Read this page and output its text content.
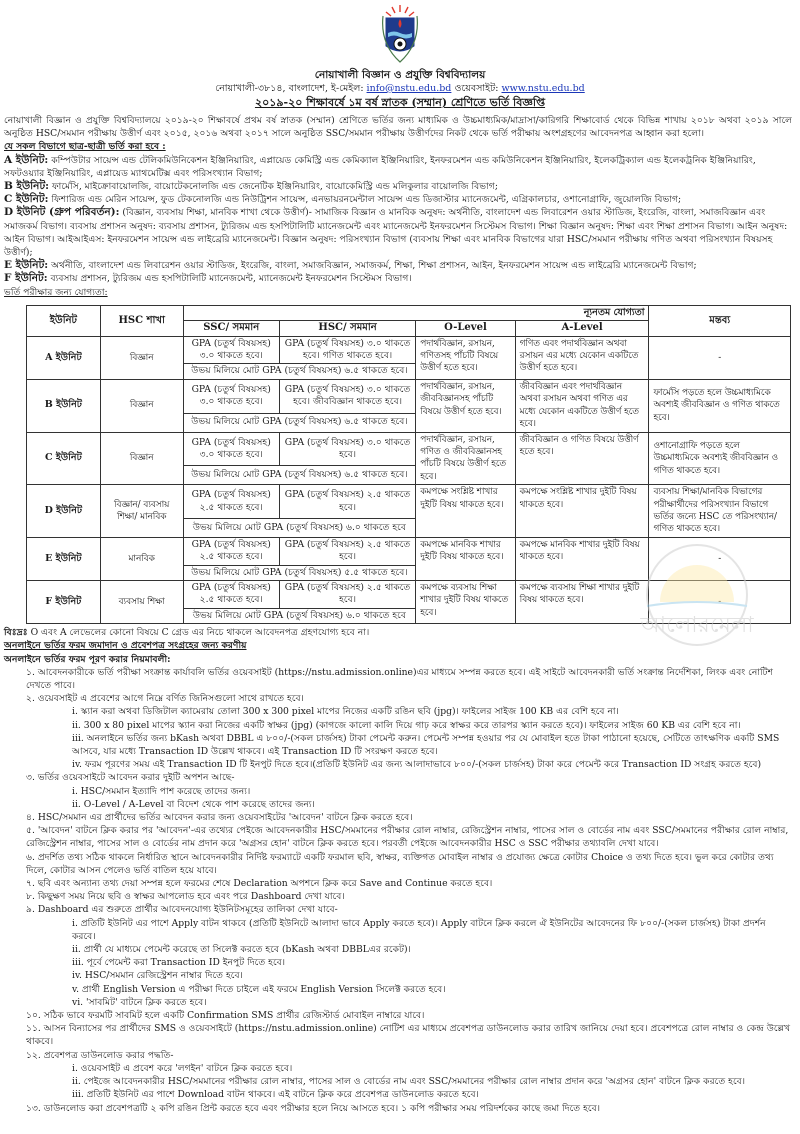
নোয়াখালী বিজ্ঞান ও প্রযুক্তি বিশ্ববিদ্যালয়
নোয়াখালী-৩৮১৪, বাংলাদেশ, ই-মেইল: info@nstu.edu.bd ওয়েবসাইট: www.nstu.edu.bd
২০১৯-২০ শিক্ষাবর্ষে ১ম বর্ষ স্নাতক (সম্মান) শ্রেণিতে ভর্তি বিজ্ঞপ্তি

নোয়াখালী বিজ্ঞান ও প্রযুক্তি বিশ্ববিদ্যালয়ে ২০১৯-২০ শিক্ষাবর্ষে প্রথম বর্ষ স্নাতক (সম্মান) শ্রেণিতে ভর্তির জন্য মাধ্যমিক ও উচ্চমাধ্যমিক/মাদ্রাসা/কারিগরি শিক্ষাবোর্ড থেকে বিভিন্ন শাখায় ২০১৮ অথবা ২০১৯ সালে অনুষ্ঠিত HSC/সমমান পরীক্ষায় উত্তীর্ণ এবং ২০১৫, ২০১৬ অথবা ২০১৭ সালে অনুষ্ঠিত SSC/সমমান পরীক্ষায় উত্তীর্ণদের নিকট থেকে ভর্তি পরীক্ষায় অংশগ্রহণের আবেদনপত্র আহ্বান করা হলো।

যে সকল বিভাগে ছাত্র-ছাত্রী ভর্তি করা হবে :

A ইউনিট: কম্পিউটার সায়েন্স এন্ড টেলিকমিউনিকেশন ইঞ্জিনিয়ারিং, এপ্লায়েড কেমিস্ট্রি এন্ড কেমিক্যাল ইঞ্জিনিয়ারিং, ইনফরমেশন এন্ড কমিউনিকেশন ইঞ্জিনিয়ারিং, ইলেকট্রিক্যাল এন্ড ইলেকট্রনিক ইঞ্জিনিয়ারিং, সফটওয়্যার ইঞ্জিনিয়ারিং, এপ্লায়েড ম্যাথমেটিক্স এবং পরিসংখ্যান বিভাগ;

B ইউনিট: ফার্মেসি, মাইক্রোবায়োলজি, বায়োটেকনোলজি এন্ড জেনেটিক ইঞ্জিনিয়ারিং, বায়োকেমিস্ট্রি এন্ড মলিকুলার বায়োলজি বিভাগ;

C ইউনিট: ফিশারিজ এন্ড মেরিন সায়েন্স, ফুড টেকনোলজি এন্ড নিউট্রিশন সায়েন্স, এনভায়রনমেন্টাল সায়েন্স এন্ড ডিজাস্টার ম্যানেজমেন্ট, এগ্রিকালচার, ওশানোগ্রাফি, জুয়োলজি বিভাগ;

D ইউনিট (গ্রুপ পরিবর্তন): (বিজ্ঞান, ব্যবসায় শিক্ষা, মানবিক শাখা থেকে উত্তীর্ণ)- সামাজিক বিজ্ঞান ও মানবিক অনুষদ: অর্থনীতি, বাংলাদেশ এন্ড লিবারেশন ওয়ার স্টাডিজ, ইংরেজি, বাংলা, সমাজবিজ্ঞান এবং সমাজকর্ম বিভাগ। ব্যবসায় প্রশাসন অনুষদ: ব্যবসায় প্রশাসন, ট্যুরিজম এন্ড হসপিটালিটি ম্যানেজমেন্ট এবং ম্যানেজমেন্ট ইনফরমেশন সিস্টেমস বিভাগ। শিক্ষা বিজ্ঞান অনুষদ: শিক্ষা এবং শিক্ষা প্রশাসন বিভাগ। আইন অনুষদ: আইন বিভাগ। আইআইএস: ইনফরমেশন সায়েন্স এন্ড লাইব্রেরি ম্যানেজমেন্ট। বিজ্ঞান অনুষদ: পরিসংখ্যান বিভাগ (ব্যবসায় শিক্ষা এবং মানবিক বিভাগের যারা HSC/সমমান পরীক্ষায় গণিত অথবা পরিসংখ্যান বিষয়সহ উত্তীর্ণ);

E ইউনিট: অর্থনীতি, বাংলাদেশ এন্ড লিবারেশন ওয়ার স্টাডিজ, ইংরেজি, বাংলা, সমাজবিজ্ঞান, সমাজকর্ম, শিক্ষা, শিক্ষা প্রশাসন, আইন, ইনফরমেশন সায়েন্স এন্ড লাইব্রেরি ম্যানেজমেন্ট বিভাগ;

F ইউনিট: ব্যবসায় প্রশাসন, ট্যুরিজম এন্ড হসপিটালিটি ম্যানেজমেন্ট, ম্যানেজমেন্ট ইনফরমেশন সিস্টেমস বিভাগ।

ভর্তি পরীক্ষার জন্য যোগ্যতা:

ইউনিট	HSC শাখা	ন্যূনতম যোগ্যতা				মন্তব্য
		SSC/ সমমান	HSC/ সমমান	O-Level	A-Level	
A ইউনিট	বিজ্ঞান	GPA (চতুর্থ বিষয়সহ) ৩.০ থাকতে হবে।	GPA (চতুর্থ বিষয়সহ) ৩.০ থাকতে হবে। গণিত থাকতে হবে।	পদার্থবিজ্ঞান, রসায়ন, গণিতসহ পাঁচটি বিষয়ে উত্তীর্ণ হতে হবে।	গণিত এবং পদার্থবিজ্ঞান অথবা রসায়ন এর মধ্যে যেকোন একটিতে উত্তীর্ণ হতে হবে।	-
		উভয় মিলিয়ে মোট GPA (চতুর্থ বিষয়সহ) ৬.৫ থাকতে হবে।				
B ইউনিট	বিজ্ঞান	GPA (চতুর্থ বিষয়সহ) ৩.০ থাকতে হবে।	GPA (চতুর্থ বিষয়সহ) ৩.০ থাকতে হবে। জীববিজ্ঞান থাকতে হবে।	পদার্থবিজ্ঞান, রসায়ন, জীববিজ্ঞানসহ পাঁচটি বিষয়ে উত্তীর্ণ হতে হবে।	জীববিজ্ঞান এবং পদার্থবিজ্ঞান অথবা রসায়ন অথবা গণিত এর মধ্যে যেকোন একটিতে উত্তীর্ণ হতে হবে।	ফার্মেসি পড়তে হলে উচ্চমাধ্যমিকে অবশ্যই জীববিজ্ঞান ও গণিত থাকতে হবে।
		উভয় মিলিয়ে মোট GPA (চতুর্থ বিষয়সহ) ৬.৫ থাকতে হবে।				
C ইউনিট	বিজ্ঞান	GPA (চতুর্থ বিষয়সহ) ৩.০ থাকতে হবে।	GPA (চতুর্থ বিষয়সহ) ৩.০ থাকতে হবে।	পদার্থবিজ্ঞান, রসায়ন, গণিত ও জীববিজ্ঞানসহ পাঁচটি বিষয়ে উত্তীর্ণ হতে হবে।	জীববিজ্ঞান ও গণিত বিষয়ে উত্তীর্ণ হতে হবে।	ওশানোগ্রাফি পড়তে হলে উচ্চমাধ্যমিকে অবশ্যই জীববিজ্ঞান ও গণিত থাকতে হবে।
		উভয় মিলিয়ে মোট GPA (চতুর্থ বিষয়সহ) ৬.৫ থাকতে হবে।				
D ইউনিট	বিজ্ঞান/ ব্যবসায় শিক্ষা/ মানবিক	GPA (চতুর্থ বিষয়সহ) ২.৫ থাকতে হবে।	GPA (চতুর্থ বিষয়সহ) ২.৫ থাকতে হবে।	কমপক্ষে সংশ্লিষ্ট শাখার দুইটি বিষয় থাকতে হবে।	কমপক্ষে সংশ্লিষ্ট শাখার দুইটি বিষয় থাকতে হবে।	ব্যবসায় শিক্ষা/মানবিক বিভাগের পরীক্ষার্থীদের পরিসংখ্যান বিভাগে ভর্তির জন্যে HSC তে পরিসংখ্যান/গণিত থাকতে হবে।
		উভয় মিলিয়ে মোট GPA (চতুর্থ বিষয়সহ) ৬.০ থাকতে হবে				
E ইউনিট	মানবিক	GPA (চতুর্থ বিষয়সহ) ২.৫ থাকতে হবে।	GPA (চতুর্থ বিষয়সহ) ২.৫ থাকতে হবে।	কমপক্ষে মানবিক শাখার দুইটি বিষয় থাকতে হবে।	কমপক্ষে মানবিক শাখার দুইটি বিষয় থাকতে হবে।	-
		উভয় মিলিয়ে মোট GPA (চতুর্থ বিষয়সহ) ৫.৫ থাকতে হবে।				
F ইউনিট	ব্যবসায় শিক্ষা	GPA (চতুর্থ বিষয়সহ) ২.৫ থাকতে হবে।	GPA (চতুর্থ বিষয়সহ) ২.৫ থাকতে হবে।	কমপক্ষে ব্যবসায় শিক্ষা শাখার দুইটি বিষয় থাকতে হবে।	কমপক্ষে ব্যবসায় শিক্ষা শাখার দুইটি বিষয় থাকতে হবে।	-
		উভয় মিলিয়ে মোট GPA (চতুর্থ বিষয়সহ) ৬.০ থাকতে হবে				

বিঃদ্রঃ O এবং A লেভেলের কোনো বিষয়ে C গ্রেড এর নিচে থাকলে আবেদনপত্র গ্রহণযোগ্য হবে না।

অনলাইনে ভর্তির ফরম জমাদান ও প্রবেশপত্র সংগ্রহের জন্য করণীয়

অনলাইনে ভর্তির ফরম পূরণ করার নিয়মাবলী:

১. আবেদনকারীকে ভর্তি পরীক্ষা সংক্রান্ত কার্যাবলি ভর্তির ওয়েবসাইট (https://nstu.admission.online)এর মাধ্যমে সম্পন্ন করতে হবে। এই সাইটে আবেদনকারী ভর্তি সংক্রান্ত নির্দেশিকা, লিংক এবং নোটিশ দেখতে পাবে।
২. ওয়েবসাইট এ প্রবেশের আগে নিম্নে বর্ণিত জিনিসগুলো সাথে রাখতে হবে।
i. স্ক্যান করা অথবা ডিজিটাল ক্যামেরায় তোলা 300 x 300 pixel মাপের নিজের একটি রঙিন ছবি (jpg)। ফাইলের সাইজ 100 KB এর বেশি হবে না।
ii. 300 x 80 pixel মাপের স্ক্যান করা নিজের একটি স্বাক্ষর (jpg) (কাগজে কালো কালি দিয়ে গাঢ় করে স্বাক্ষর করে তারপর স্ক্যান করতে হবে)। ফাইলের সাইজ 60 KB এর বেশি হবে না।
iii. অনলাইনে ভর্তির জন্য bKash অথবা DBBL এ ৮০০/-(সকল চার্জসহ) টাকা পেমেন্ট করুন। পেমেন্ট সম্পন্ন হওয়ার পর যে মোবাইল হতে টাকা পাঠানো হয়েছে, সেটিতে তাৎক্ষণিক একটি SMS আসবে, যার মধ্যে Transaction ID উল্লেখ থাকবে। এই Transaction ID টি সংরক্ষণ করতে হবে।
iv. ফরম পূরণের সময় এই Transaction ID টি ইনপুট দিতে হবে।(প্রতিটি ইউনিট এর জন্য আলাদাভাবে ৮০০/-(সকল চার্জসহ) টাকা করে পেমেন্ট করে Transaction ID সংগ্রহ করতে হবে)
৩. ভর্তির ওয়েবসাইটে আবেদন করার দুইটি অপশন আছে-
i. HSC/সমমান ইত্যাদি পাশ করেছে তাদের জন্য।
ii. O-Level / A-Level বা বিদেশ থেকে পাশ করেছে তাদের জন্য।
৪. HSC/সমমান এর প্রার্থীদের ভর্তির আবেদন করার জন্য ওয়েবসাইটের 'আবেদন' বাটনে ক্লিক করতে হবে।
৫. 'আবেদন' বাটনে ক্লিক করার পর 'আবেদন'-এর তথ্যের পেইজে আবেদনকারীর HSC/সমমানের পরীক্ষার রোল নাম্বার, রেজিস্ট্রেশন নাম্বার, পাসের সাল ও বোর্ডের নাম এবং SSC/সমমানের পরীক্ষার রোল নাম্বার, রেজিস্ট্রেশন নাম্বার, পাসের সাল ও বোর্ডের নাম প্রদান করে 'অগ্রসর হোন' বাটনে ক্লিক করতে হবে। পরবর্তী পেইজে আবেদনকারীর HSC ও SSC পরীক্ষার তথ্যাবলি দেখা যাবে।
৬. প্রদর্শিত তথ্য সঠিক থাকলে নির্ধারিত স্থানে আবেদনকারীর নির্দিষ্ট ফরম্যাটে একটি ফরমাল ছবি, স্বাক্ষর, ব্যক্তিগত মোবাইল নাম্বার ও প্রযোজ্য ক্ষেত্রে কোটার Choice ও তথ্য দিতে হবে। ভুল করে কোটার তথ্য দিলে, কোটার আসন পেলেও ভর্তি বাতিল হয়ে যাবে।
৭. ছবি এবং অন্যান্য তথ্য দেয়া সম্পন্ন হলে ফরমের শেষে Declaration অপশনে ক্লিক করে Save and Continue করতে হবে।
৮. কিছুক্ষণ সময় নিয়ে ছবি ও স্বাক্ষর আপলোড হবে এবং পরে Dashboard দেখা যাবে।
৯. Dashboard এর শুরুতে প্রার্থীর আবেদনযোগ্য ইউনিটসমূহের তালিকা দেখা যাবে-
i. প্রতিটি ইউনিট এর পাশে Apply বাটন থাকবে (প্রতিটি ইউনিটে আলাদা ভাবে Apply করতে হবে)। Apply বাটনে ক্লিক করলে ঐ ইউনিটের আবেদনের ফি ৮০০/-(সকল চার্জসহ) টাকা প্রদর্শন করবে।
ii. প্রার্থী যে মাধ্যমে পেমেন্ট করেছে তা সিলেক্ট করতে হবে (bKash অথবা DBBLএর রকেট)।
iii. পূর্বে পেমেন্ট করা Transaction ID ইনপুট দিতে হবে।
iv. HSC/সমমান রেজিস্ট্রেশন নাম্বার দিতে হবে।
v. প্রার্থী English Version এ পরীক্ষা দিতে চাইলে এই ফরমে English Version সিলেক্ট করতে হবে।
vi. 'সাবমিট' বাটনে ক্লিক করতে হবে।
১০. সঠিক ভাবে ফরমটি সাবমিট হলে একটি Confirmation SMS প্রার্থীর রেজিস্টার্ড মোবাইল নাম্বারে যাবে।
১১. আসন বিন্যাসের পর প্রার্থীদের SMS ও ওয়েবসাইটে (https://nstu.admission.online) নোটিশ এর মাধ্যমে প্রবেশপত্র ডাউনলোড করার তারিখ জানিয়ে দেয়া হবে। প্রবেশপত্রে রোল নাম্বার ও কেন্দ্র উল্লেখ থাকবে।
১২. প্রবেশপত্র ডাউনলোড করার পদ্ধতি-
i. ওয়েবসাইট এ প্রবেশ করে 'লগইন' বাটনে ক্লিক করতে হবে।
ii. পেইজে আবেদনকারীর HSC/সমমানের পরীক্ষার রোল নাম্বার, পাসের সাল ও বোর্ডের নাম এবং SSC/সমমানের পরীক্ষার রোল নাম্বার প্রদান করে 'অগ্রসর হোন' বাটনে ক্লিক করতে হবে।
iii. প্রতিটি ইউনিট এর পাশে Download বাটন থাকবে। এই বাটনে ক্লিক করে প্রবেশপত্র ডাউনলোড করতে হবে।
১৩. ডাউনলোড করা প্রবেশপত্রটি ২ কপি রঙিন প্রিন্ট করতে হবে এবং পরীক্ষার হলে নিয়ে আসতে হবে। ১ কপি পরীক্ষার সময় পরিদর্শকের কাছে জমা দিতে হবে।
আলোরমেলা
